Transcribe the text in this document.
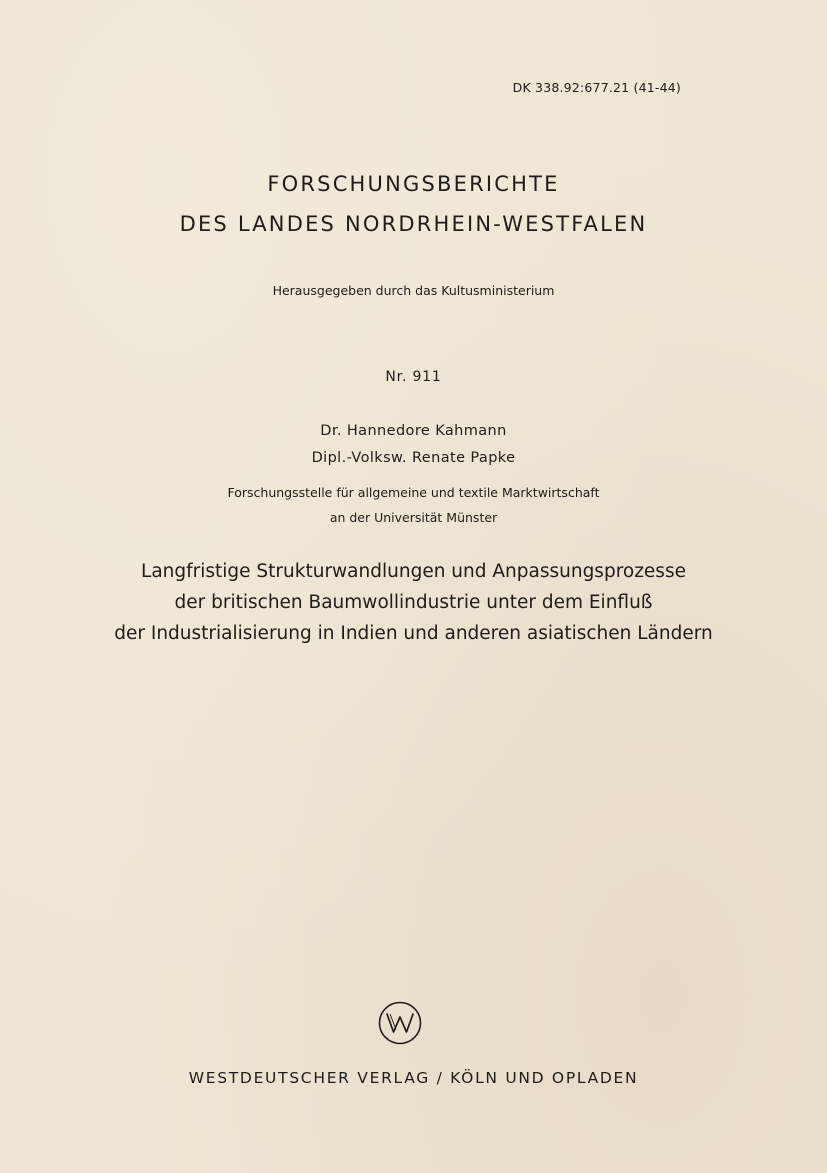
DK 338.92:677.21 (41-44)
FORSCHUNGSBERICHTE
DES LANDES NORDRHEIN-WESTFALEN
Herausgegeben durch das Kultusministerium
Nr. 911
Dr. Hannedore Kahmann
Dipl.-Volksw. Renate Papke
Forschungsstelle für allgemeine und textile Marktwirtschaft
an der Universität Münster
Langfristige Strukturwandlungen und Anpassungsprozesse
der britischen Baumwollindustrie unter dem Einfluß
der Industrialisierung in Indien und anderen asiatischen Ländern
WESTDEUTSCHER VERLAG / KÖLN UND OPLADEN
